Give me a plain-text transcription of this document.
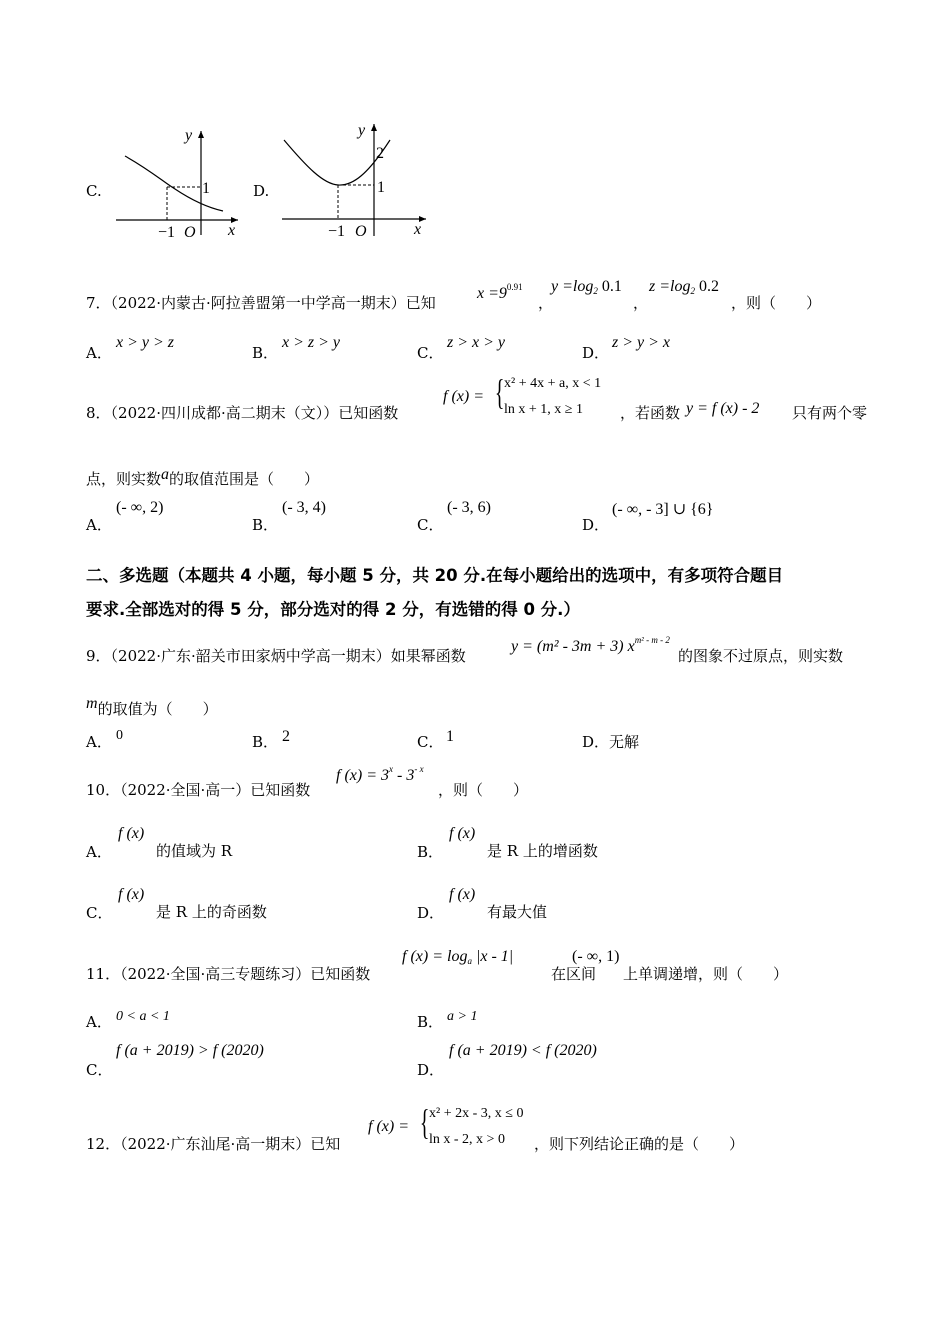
C.
y
x
1
−1 O
D.
y
x
1
2
−1 O
7．（2022·内蒙古·阿拉善盟第一中学高一期末）已知
$x =9^{0.91}$
，
$y =\log_2$ 0.1
，
$z =\log_2$ 0.2
，则（　　）
A．
x > y > z
B．
x > z > y
C．
z > x > y
D．
z > y > x
8．（2022·四川成都·高二期末（文））已知函数
f (x) = { x² + 4x + a, x < 1
ln x + 1, x ≥ 1 ，若函数 y = f (x) - 2 只有两个零
点，则实数a的取值范围是（　　）
A．
(- ∞, 2)
B．
(- 3, 4)
C．
(- 3, 6)
D．
(- ∞, - 3] ∪ {6}
二、多选题（本题共 4 小题，每小题 5 分，共 20 分.在每小题给出的选项中，有多项符合题目
要求.全部选对的得 5 分，部分选对的得 2 分，有选错的得 0 分.）
9．（2022·广东·韶关市田家炳中学高一期末）如果幂函数
y = (m² - 3m + 3) $x^{m^2 - m - 2}$
的图象不过原点，则实数
m的取值为（　　）
A． 0	B． 2	C． 1	D．无解
10．（2022·全国·高一）已知函数
f $(x) = 3^x - 3^{- x}$
，则（　　）
A．
f (x)
的值域为 R	B．
f (x)
是 R 上的增函数
C．
f (x)
是 R 上的奇函数	D．
f (x)
有最大值
11．（2022·全国·高三专题练习）已知函数
f $(x) = \log_a |x - 1|$
在区间
(- ∞, 1)
上单调递增，则（　　）
A． 0 < a < 1	B． a > 1
C．
f (a + 2019) > f (2020)
D．
f (a + 2019) < f (2020)
12．（2022·广东汕尾·高一期末）已知
f (x) = { x² + 2x - 3, x ≤ 0
ln x - 2, x > 0 ，则下列结论正确的是（　　）
